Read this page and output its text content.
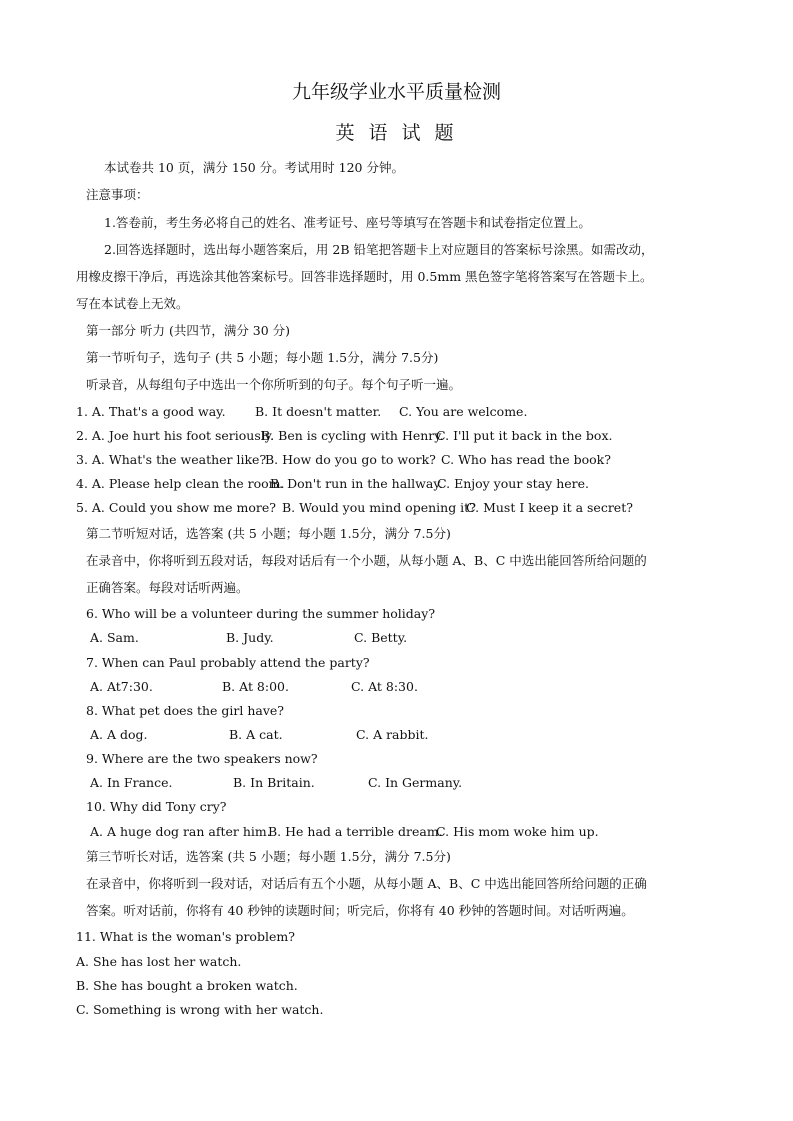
九年级学业水平质量检测
英 语 试 题
本试卷共 10 页，满分 150 分。考试用时 120 分钟。
注意事项：
1.答卷前，考生务必将自己的姓名、准考证号、座号等填写在答题卡和试卷指定位置上。
2.回答选择题时，选出每小题答案后，用 2B 铅笔把答题卡上对应题目的答案标号涂黑。如需改动，
用橡皮擦干净后，再选涂其他答案标号。回答非选择题时，用 0.5mm 黑色签字笔将答案写在答题卡上。
写在本试卷上无效。
第一部分 听力 (共四节，满分 30 分)
第一节听句子，选句子 (共 5 小题；每小题 1.5分，满分 7.5分)
听录音，从每组句子中选出一个你所听到的句子。每个句子听一遍。
1. A. That's a good way. B. It doesn't matter. C. You are welcome.
2. A. Joe hurt his foot seriously.
B. Ben is cycling with Henry.
C. I'll put it back in the box.
3. A. What's the weather like?
B. How do you go to work? C. Who has read the book?
4. A. Please help clean the room.
B. Don't run in the hallway.
C. Enjoy your stay here.
5. A. Could you show me more? B. Would you mind opening it?
C. Must I keep it a secret?
第二节听短对话，选答案 (共 5 小题；每小题 1.5分，满分 7.5分)
在录音中，你将听到五段对话，每段对话后有一个小题，从每小题 A、B、C 中选出能回答所给问题的
正确答案。每段对话听两遍。
6. Who will be a volunteer during the summer holiday?
A. Sam.	B. Judy.	C. Betty.
7. When can Paul probably attend the party?
A. At7:30.	B. At 8:00.	C. At 8:30.
8. What pet does the girl have?
A. A dog.	B. A cat.	C. A rabbit.
9. Where are the two speakers now?
A. In France.	B. In Britain.	C. In Germany.
10. Why did Tony cry?
A. A huge dog ran after him.
B. He had a terrible dream.
C. His mom woke him up.
第三节听长对话，选答案 (共 5 小题；每小题 1.5分，满分 7.5分)
在录音中，你将听到一段对话，对话后有五个小题，从每小题 A、B、C 中选出能回答所给问题的正确
答案。听对话前，你将有 40 秒钟的读题时间；听完后，你将有 40 秒钟的答题时间。对话听两遍。
11. What is the woman's problem?
A. She has lost her watch.
B. She has bought a broken watch.
C. Something is wrong with her watch.
